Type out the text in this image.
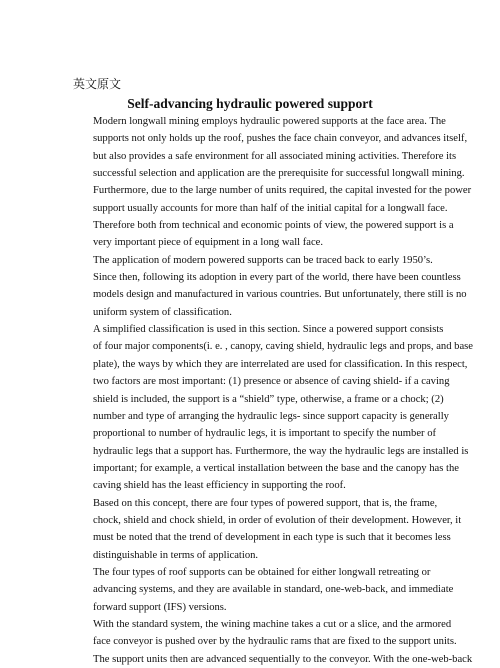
英文原文
Self-advancing hydraulic powered support

Modern longwall mining employs hydraulic powered supports at the face area. The
supports not only holds up the roof, pushes the face chain conveyor, and advances itself,
but also provides a safe environment for all associated mining activities. Therefore its
successful selection and application are the prerequisite for successful longwall mining.
Furthermore, due to the large number of units required, the capital invested for the power
support usually accounts for more than half of the initial capital for a longwall face.
Therefore both from technical and economic points of view, the powered support is a
very important piece of equipment in a long wall face.

The application of modern powered supports can be traced back to early 1950’s.
Since then, following its adoption in every part of the world, there have been countless
models design and manufactured in various countries. But unfortunately, there still is no
uniform system of classification.

A simplified classification is used in this section. Since a powered support consists
of four major components(i. e. , canopy, caving shield, hydraulic legs and props, and base
plate), the ways by which they are interrelated are used for classification. In this respect,
two factors are most important: (1) presence or absence of caving shield- if a caving
shield is included, the support is a “shield” type, otherwise, a frame or a chock; (2)
number and type of arranging the hydraulic legs- since support capacity is generally
proportional to number of hydraulic legs, it is important to specify the number of
hydraulic legs that a support has. Furthermore, the way the hydraulic legs are installed is
important; for example, a vertical installation between the base and the canopy has the
caving shield has the least efficiency in supporting the roof.

Based on this concept, there are four types of powered support, that is, the frame,
chock, shield and chock shield, in order of evolution of their development. However, it
must be noted that the trend of development in each type is such that it becomes less
distinguishable in terms of application.

The four types of roof supports can be obtained for either longwall retreating or
advancing systems, and they are available in standard, one-web-back, and immediate
forward support (IFS) versions.

With the standard system, the wining machine takes a cut or a slice, and the armored
face conveyor is pushed over by the hydraulic rams that are fixed to the support units.
The support units then are advanced sequentially to the conveyor. With the one-web-back
